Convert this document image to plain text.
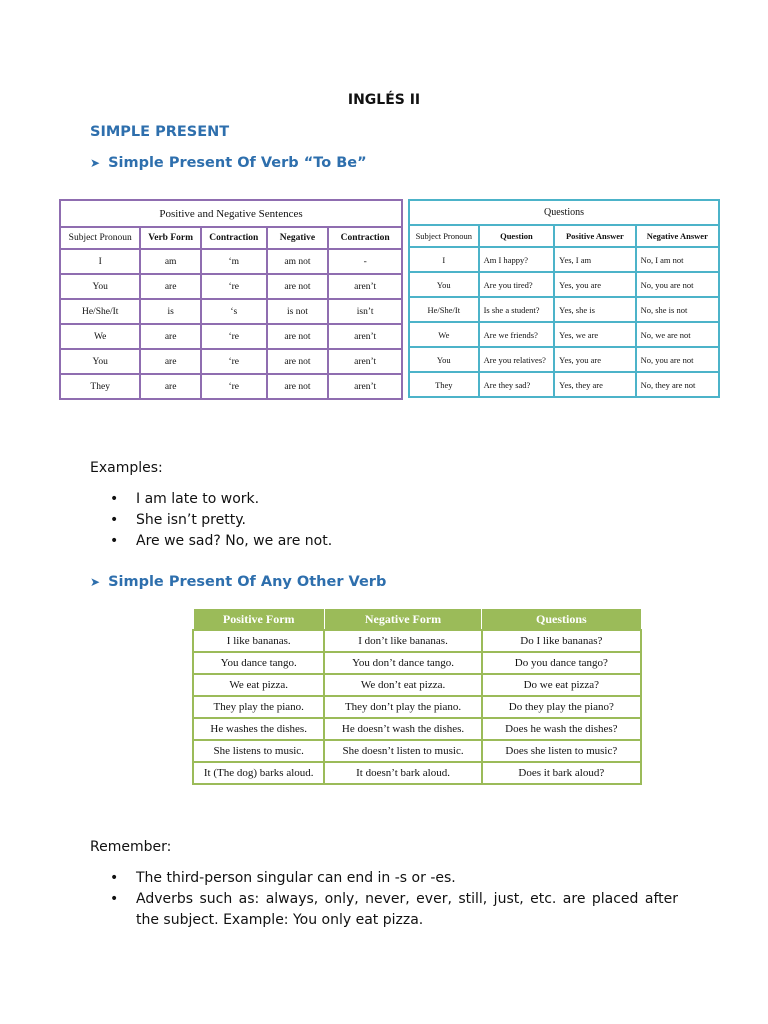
INGLÉS II
SIMPLE PRESENT
➤ Simple Present Of Verb “To Be”
Positive and Negative Sentences				
Subject Pronoun	Verb Form	Contraction	Negative	Contraction
I	am	‘m	am not	-
You	are	‘re	are not	aren’t
He/She/It	is	‘s	is not	isn’t
We	are	‘re	are not	aren’t
You	are	‘re	are not	aren’t
They	are	‘re	are not	aren’t
Questions			
Subject Pronoun	Question	Positive Answer	Negative Answer
I	Am I happy?	Yes, I am	No, I am not
You	Are you tired?	Yes, you are	No, you are not
He/She/It	Is she a student?	Yes, she is	No, she is not
We	Are we friends?	Yes, we are	No, we are not
You	Are you relatives?	Yes, you are	No, you are not
They	Are they sad?	Yes, they are	No, they are not
Examples:
• I am late to work.
• She isn’t pretty.
• Are we sad? No, we are not.
➤ Simple Present Of Any Other Verb
Positive Form	Negative Form	Questions
I like bananas.	I don’t like bananas.	Do I like bananas?
You dance tango.	You don’t dance tango.	Do you dance tango?
We eat pizza.	We don’t eat pizza.	Do we eat pizza?
They play the piano.	They don’t play the piano.	Do they play the piano?
He washes the dishes.	He doesn’t wash the dishes.	Does he wash the dishes?
She listens to music.	She doesn’t listen to music.	Does she listen to music?
It (The dog) barks aloud.	It doesn’t bark aloud.	Does it bark aloud?
Remember:
• The third-person singular can end in -s or -es.
• Adverbs such as: always, only, never, ever, still, just, etc. are placed after the subject. Example: You only eat pizza.
